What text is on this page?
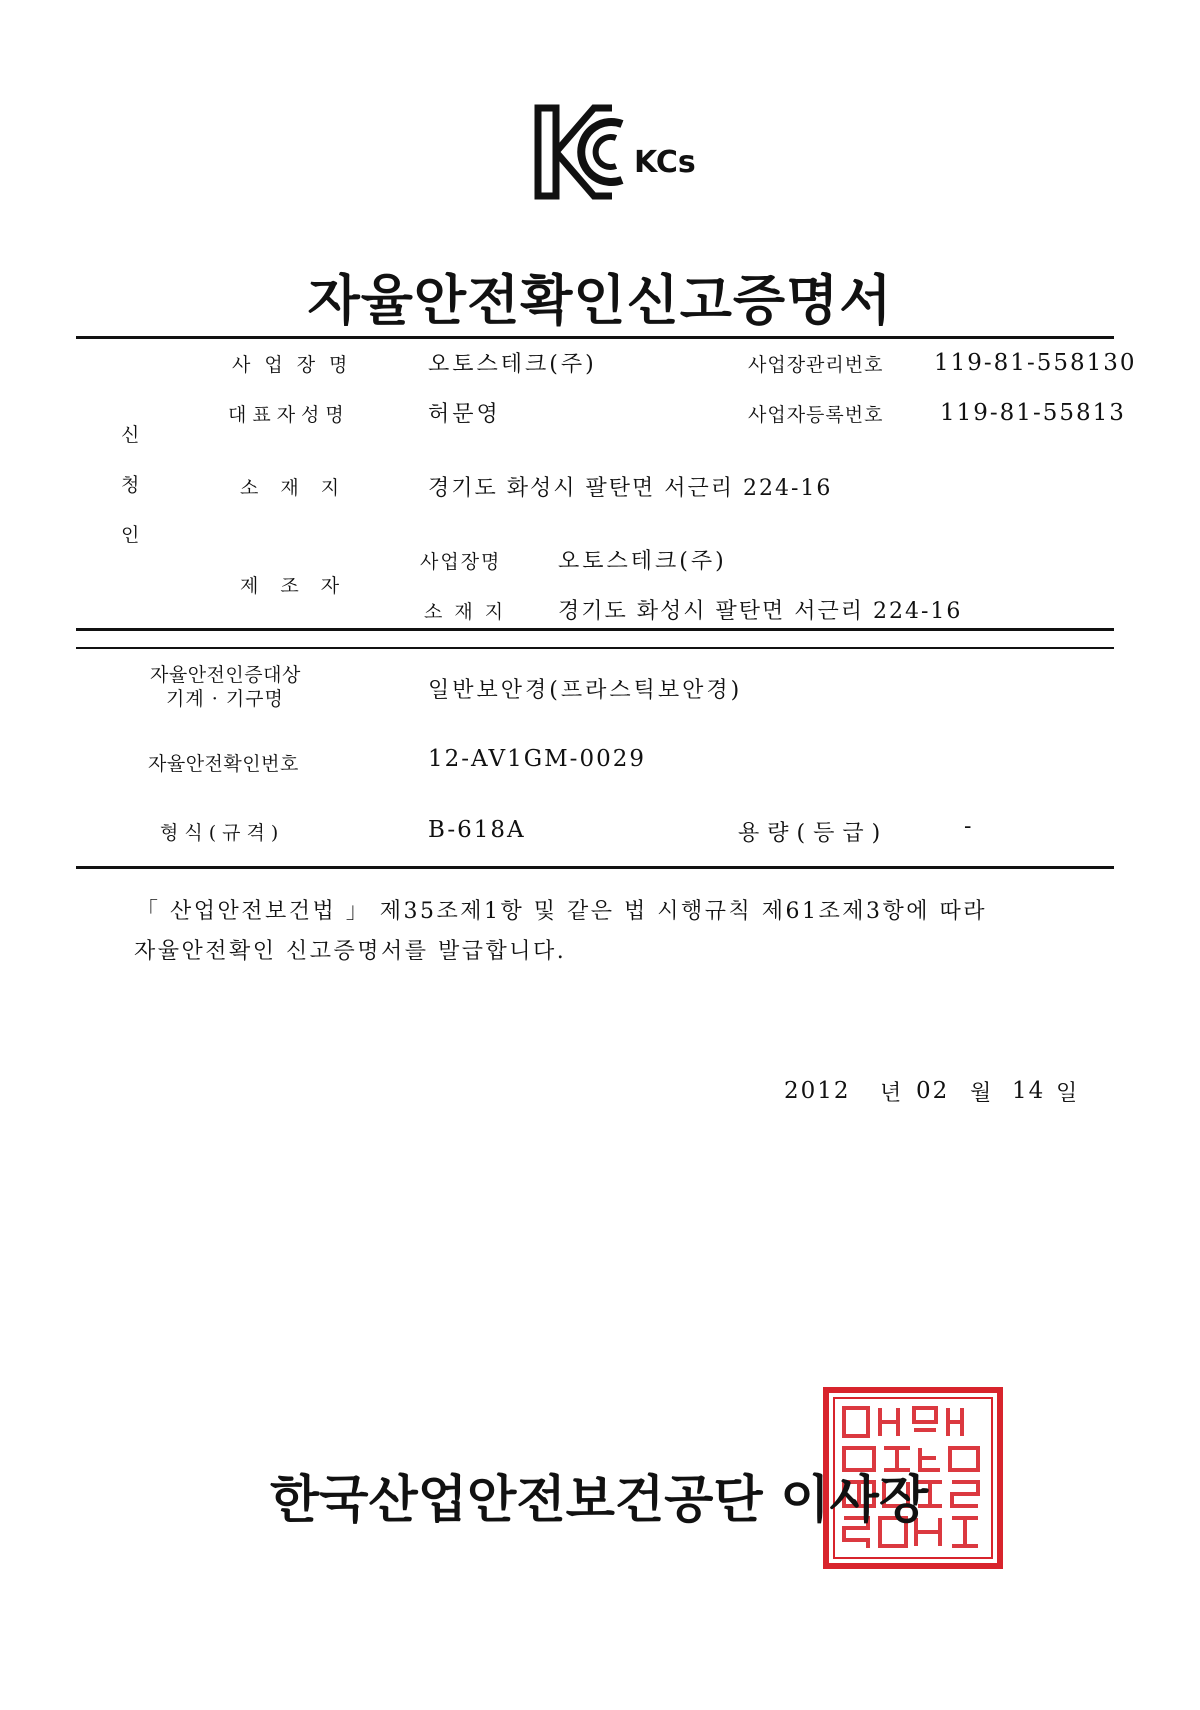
KCs
자율안전확인신고증명서
신
청
인
사업장명	오토스테크(주)	사업장관리번호 119-81-558130
대표자성명	허문영	사업자등록번호 119-81-55813
소재지	경기도 화성시 팔탄면 서근리 224-16
제조자
사업장명	오토스테크(주)
소재지 경기도 화성시 팔탄면 서근리 224-16
자율안전인증대상
기계 · 기구명	일반보안경(프라스틱보안경)
자율안전확인번호	12-AV1GM-0029
형식(규격)	B-618A	용량(등급)	-
「 산업안전보건법 」 제35조제1항 및 같은 법 시행규칙 제61조제3항에 따라
자율안전확인 신고증명서를 발급합니다.
2012 년 02 월 14 일
한국산업안전보건공단 이사장
